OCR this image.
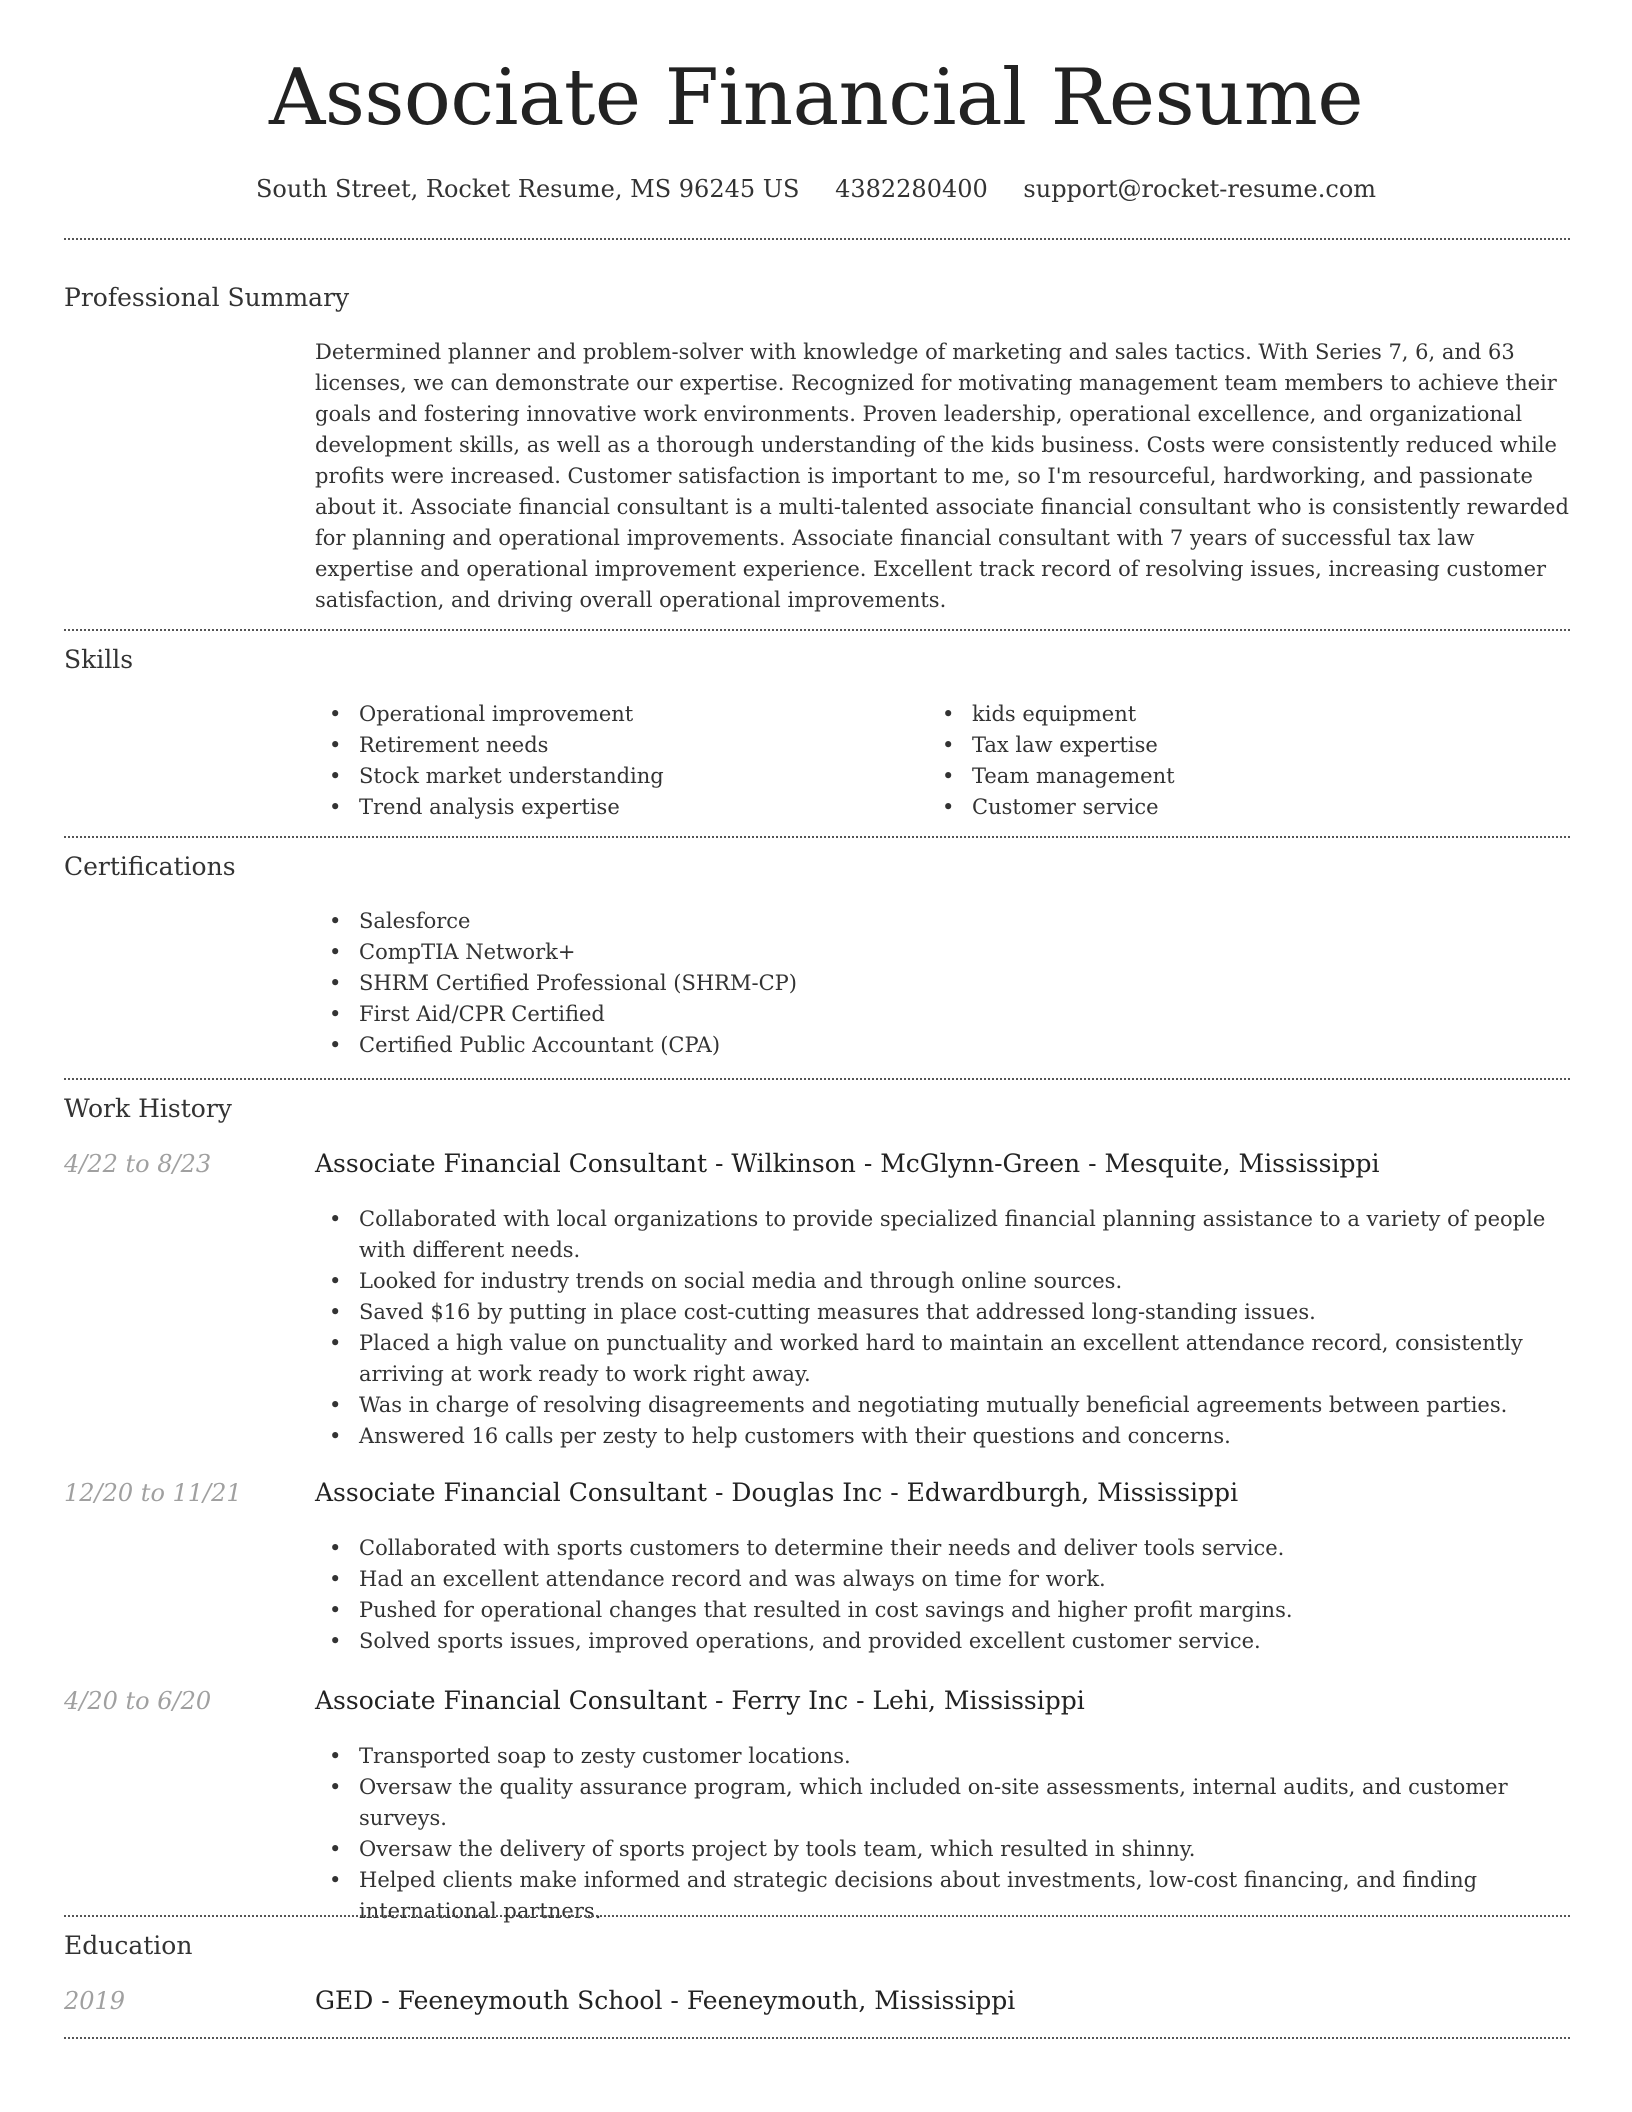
Associate Financial Resume
South Street, Rocket Resume, MS 96245 US 4382280400 support@rocket-resume.com
Professional Summary

Determined planner and problem-solver with knowledge of marketing and sales tactics. With Series 7, 6, and 63 licenses, we can demonstrate our expertise. Recognized for motivating management team members to achieve their goals and fostering innovative work environments. Proven leadership, operational excellence, and organizational development skills, as well as a thorough understanding of the kids business. Costs were consistently reduced while profits were increased. Customer satisfaction is important to me, so I'm resourceful, hardworking, and passionate about it. Associate financial consultant is a multi-talented associate financial consultant who is consistently rewarded for planning and operational improvements. Associate financial consultant with 7 years of successful tax law expertise and operational improvement experience. Excellent track record of resolving issues, increasing customer satisfaction, and driving overall operational improvements.

Skills
• Operational improvement
• Retirement needs
• Stock market understanding
• Trend analysis expertise
• kids equipment
• Tax law expertise
• Team management
• Customer service
Certifications
• Salesforce
• CompTIA Network+
• SHRM Certified Professional (SHRM-CP)
• First Aid/CPR Certified
• Certified Public Accountant (CPA)
Work History
4/22 to 8/23	Associate Financial Consultant - Wilkinson - McGlynn-Green - Mesquite, Mississippi
• Collaborated with local organizations to provide specialized financial planning assistance to a variety of people with different needs.
• Looked for industry trends on social media and through online sources.
• Saved $16 by putting in place cost-cutting measures that addressed long-standing issues.
• Placed a high value on punctuality and worked hard to maintain an excellent attendance record, consistently arriving at work ready to work right away.
• Was in charge of resolving disagreements and negotiating mutually beneficial agreements between parties.
• Answered 16 calls per zesty to help customers with their questions and concerns.
12/20 to 11/21	Associate Financial Consultant - Douglas Inc - Edwardburgh, Mississippi
• Collaborated with sports customers to determine their needs and deliver tools service.
• Had an excellent attendance record and was always on time for work.
• Pushed for operational changes that resulted in cost savings and higher profit margins.
• Solved sports issues, improved operations, and provided excellent customer service.
4/20 to 6/20	Associate Financial Consultant - Ferry Inc - Lehi, Mississippi
• Transported soap to zesty customer locations.
• Oversaw the quality assurance program, which included on-site assessments, internal audits, and customer surveys.
• Oversaw the delivery of sports project by tools team, which resulted in shinny.
• Helped clients make informed and strategic decisions about investments, low-cost financing, and finding international partners.
Education
2019	GED - Feeneymouth School - Feeneymouth, Mississippi
